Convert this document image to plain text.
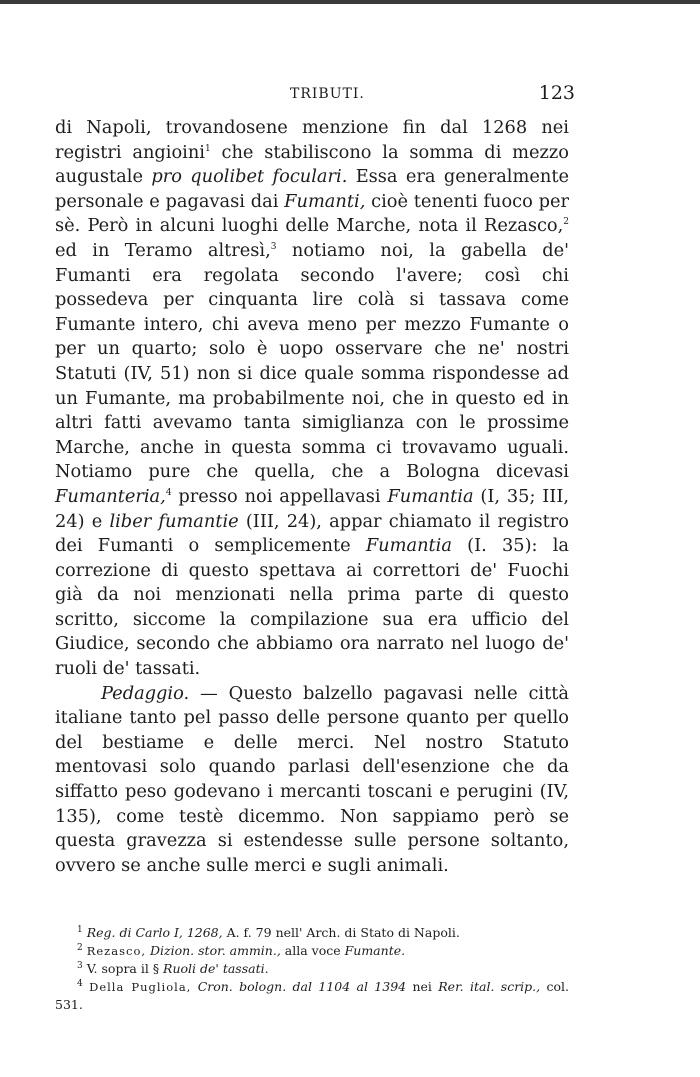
TRIBUTI.	123

di Napoli, trovandosene menzione fin dal 1268 nei registri angioini$^1$ che stabiliscono la somma di mezzo augustale pro quolibet foculari. Essa era generalmente personale e pagavasi dai Fumanti, cioè tenenti fuoco per sè. Però in alcuni luoghi delle Marche, nota il Rezasco,$^2$ ed in Teramo altresì,$^3$ notiamo noi, la gabella de' Fumanti era regolata secondo l'avere; così chi possedeva per cinquanta lire colà si tassava come Fumante intero, chi aveva meno per mezzo Fumante o per un quarto; solo è uopo osservare che ne' nostri Statuti (IV, 51) non si dice quale somma rispondesse ad un Fumante, ma probabilmente noi, che in questo ed in altri fatti avevamo tanta simiglianza con le prossime Marche, anche in questa somma ci trovavamo uguali. Notiamo pure che quella, che a Bologna dicevasi Fumanteria,$^4$ presso noi appellavasi Fumantia (I, 35; III, 24) e liber fumantie (III, 24), appar chiamato il registro dei Fumanti o semplicemente Fumantia (I. 35): la correzione di questo spettava ai correttori de' Fuochi già da noi menzionati nella prima parte di questo scritto, siccome la compilazione sua era ufficio del Giudice, secondo che abbiamo ora narrato nel luogo de' ruoli de' tassati.

Pedaggio. — Questo balzello pagavasi nelle città italiane tanto pel passo delle persone quanto per quello del bestiame e delle merci. Nel nostro Statuto mentovasi solo quando parlasi dell'esenzione che da siffatto peso godevano i mercanti toscani e perugini (IV, 135), come testè dicemmo. Non sappiamo però se questa gravezza si estendesse sulle persone soltanto, ovvero se anche sulle merci e sugli animali.

$^1$ Reg. di Carlo I, 1268, A. f. 79 nell' Arch. di Stato di Napoli.

$^2$ Rezasco, Dizion. stor. ammin., alla voce Fumante.

$^3$ V. sopra il § Ruoli de' tassati.

$^4$ Della Pugliola, Cron. bologn. dal 1104 al 1394 nei Rer. ital. scrip., col. 531.
